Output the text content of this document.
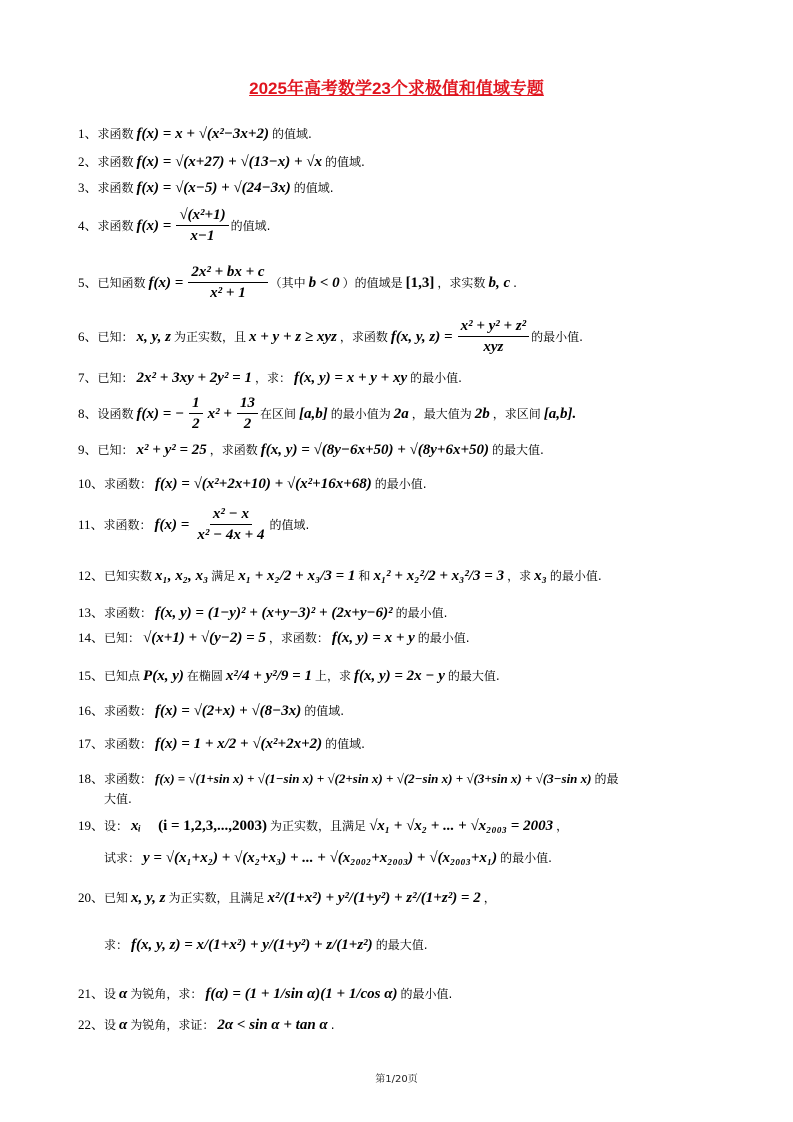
2025年高考数学23个求极值和值域专题
1、 求函数 f(x) = x + √(x²−3x+2) 的值域.
2、 求函数 f(x) = √(x+27) + √(13−x) + √x 的值域.
3、 求函数 f(x) = √(x−5) + √(24−3x) 的值域.
4、 求函数 $f(x) = \frac{\text{√(x²+1)}}{x-1}$ 的值域.
5、 已知函数 $f(x) = \frac{\text{2x² + bx + c}}{\text{x² + 1}}$ （其中 b < 0 ）的值域是 [1,3] ，求实数 b, c .
6、 已知： x, y, z 为正实数，且 x + y + z ≥ xyz ，求函数 f(x, y, $z) = \frac{\text{x² + y² + z²}}{\text{xyz}}$ 的最小值.
7、 已知： 2x² + 3xy + 2y² = 1 ，求： f(x, y) = x + y + xy 的最小值.
8、 设函数 f(x) = − $\frac{1}{2} x^2 + \frac{13}{2}$ 在区间 [a,b] 的最小值为 2a ，最大值为 2b ，求区间 [a,b].
9、 已知： x² + y² = 25 ，求函数 f(x, y) = √(8y−6x+50) + √(8y+6x+50) 的最大值.
10、 求函数： f(x) = √(x²+2x+10) + √(x²+16x+68) 的最小值.
11、 求函数： $f(x) = \frac{\text{x² − x}}{\text{x² − 4x + 4}}$ 的值域.
12、 已知实数 x₁, x₂, x₃ 满足 x₁ + x₂/2 + x₃/3 = 1 和 x₁² + x₂²/2 + x₃²/3 = 3 ，求 x₃ 的最小值.
13、 求函数： f(x, y) = (1−y)² + (x+y−3)² + (2x+y−6)² 的最小值.
14、 已知： √(x+1) + √(y−2) = 5 ，求函数： f(x, y) = x + y 的最小值.
15、 已知点 P(x, y) 在椭圆 x²/4 + y²/9 = 1 上，求 f(x, y) = 2x − y 的最大值.
16、 求函数： f(x) = √(2+x) + √(8−3x) 的值域.
17、 求函数： f(x) = 1 + x/2 + √(x²+2x+2) 的值域.
18、 求函数： f(x) = √(1+sin x) + √(1−sin x) + √(2+sin x) + √(2−sin x) + √(3+sin x) + √(3−sin x) 的最
大值.
19、 设： xᵢ (i = 1,2,3,...,2003) 为正实数，且满足 √x₁ + √x₂ + ... + √x₂₀₀₃ = 2003 ，
试求： y = √(x₁+x₂) + √(x₂+x₃) + ... + √(x₂₀₀₂+x₂₀₀₃) + √(x₂₀₀₃+x₁) 的最小值.
20、 已知 x, y, z 为正实数，且满足 x²/(1+x²) + y²/(1+y²) + z²/(1+z²) = 2 ，
求： f(x, y, z) = x/(1+x²) + y/(1+y²) + z/(1+z²) 的最大值.
21、 设 α 为锐角，求： f(α) = (1 + 1/sin α)(1 + 1/cos α) 的最小值.
22、 设 α 为锐角，求证： 2α < sin α + tan α .
第1/20页
